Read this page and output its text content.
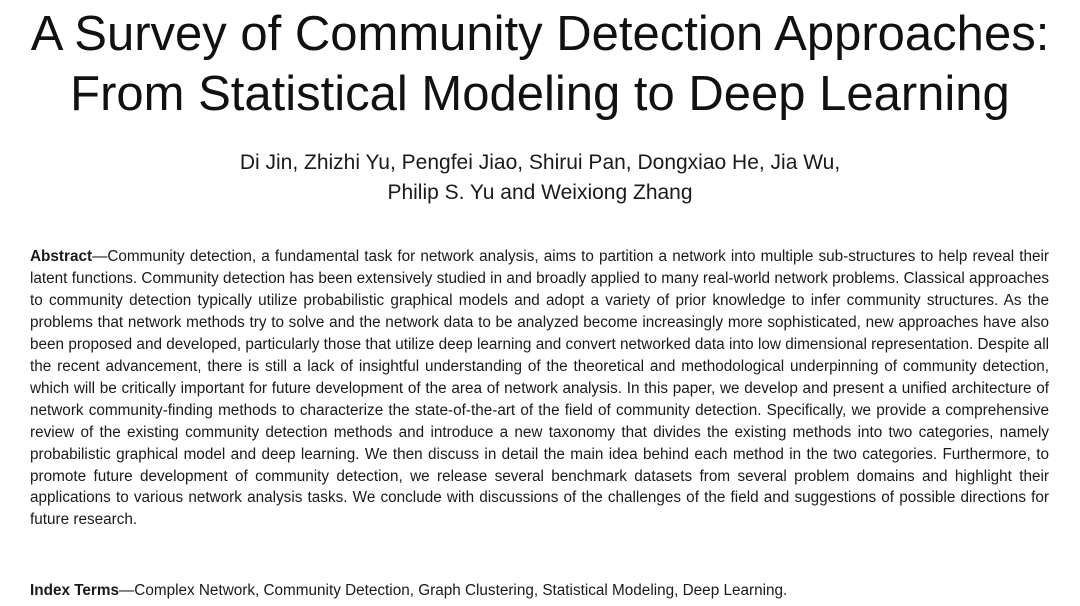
A Survey of Community Detection Approaches:
From Statistical Modeling to Deep Learning
Di Jin, Zhizhi Yu, Pengfei Jiao, Shirui Pan, Dongxiao He, Jia Wu,
Philip S. Yu and Weixiong Zhang

Abstract—Community detection, a fundamental task for network analysis, aims to partition a network into multiple sub-structures to help reveal their latent functions. Community detection has been extensively studied in and broadly applied to many real-world network problems. Classical approaches to community detection typically utilize probabilistic graphical models and adopt a variety of prior knowledge to infer community structures. As the problems that network methods try to solve and the network data to be analyzed become increasingly more sophisticated, new approaches have also been proposed and developed, particularly those that utilize deep learning and convert networked data into low dimensional representation. Despite all the recent advancement, there is still a lack of insightful understanding of the theoretical and methodological underpinning of community detection, which will be critically important for future development of the area of network analysis. In this paper, we develop and present a unified architecture of network community-finding methods to characterize the state-of-the-art of the field of community detection. Specifically, we provide a comprehensive review of the existing community detection methods and introduce a new taxonomy that divides the existing methods into two categories, namely probabilistic graphical model and deep learning. We then discuss in detail the main idea behind each method in the two categories. Furthermore, to promote future development of community detection, we release several benchmark datasets from several problem domains and highlight their applications to various network analysis tasks. We conclude with discussions of the challenges of the field and suggestions of possible directions for future research.

Index Terms—Complex Network, Community Detection, Graph Clustering, Statistical Modeling, Deep Learning.
